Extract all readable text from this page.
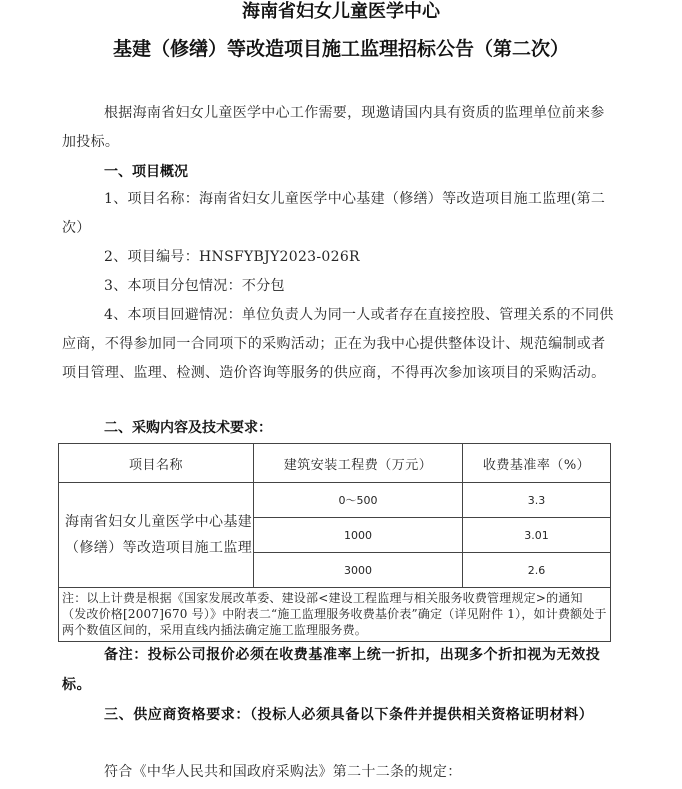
海南省妇女儿童医学中心
基建（修缮）等改造项目施工监理招标公告（第二次）

根据海南省妇女儿童医学中心工作需要，现邀请国内具有资质的监理单位前来参加投标。

一、项目概况

1、项目名称：海南省妇女儿童医学中心基建（修缮）等改造项目施工监理(第二次）

2、项目编号：HNSFYBJY2023-026R

3、本项目分包情况：不分包

4、本项目回避情况：单位负责人为同一人或者存在直接控股、管理关系的不同供应商，不得参加同一合同项下的采购活动；正在为我中心提供整体设计、规范编制或者项目管理、监理、检测、造价咨询等服务的供应商，不得再次参加该项目的采购活动。

二、采购内容及技术要求：
项目名称	建筑安装工程费（万元）	收费基准率（%）
海南省妇女儿童医学中心基建（修缮）等改造项目施工监理	0～500	3.3
	1000	3.01
	3000	2.6
注：以上计费是根据《国家发展改革委、建设部<建设工程监理与相关服务收费管理规定>的通知（发改价格[2007]670 号）》中附表二“施工监理服务收费基价表”确定（详见附件 1），如计费额处于两个数值区间的，采用直线内插法确定施工监理服务费。		

备注：投标公司报价必须在收费基准率上统一折扣，出现多个折扣视为无效投标。

三、供应商资格要求：（投标人必须具备以下条件并提供相关资格证明材料）

符合《中华人民共和国政府采购法》第二十二条的规定：
